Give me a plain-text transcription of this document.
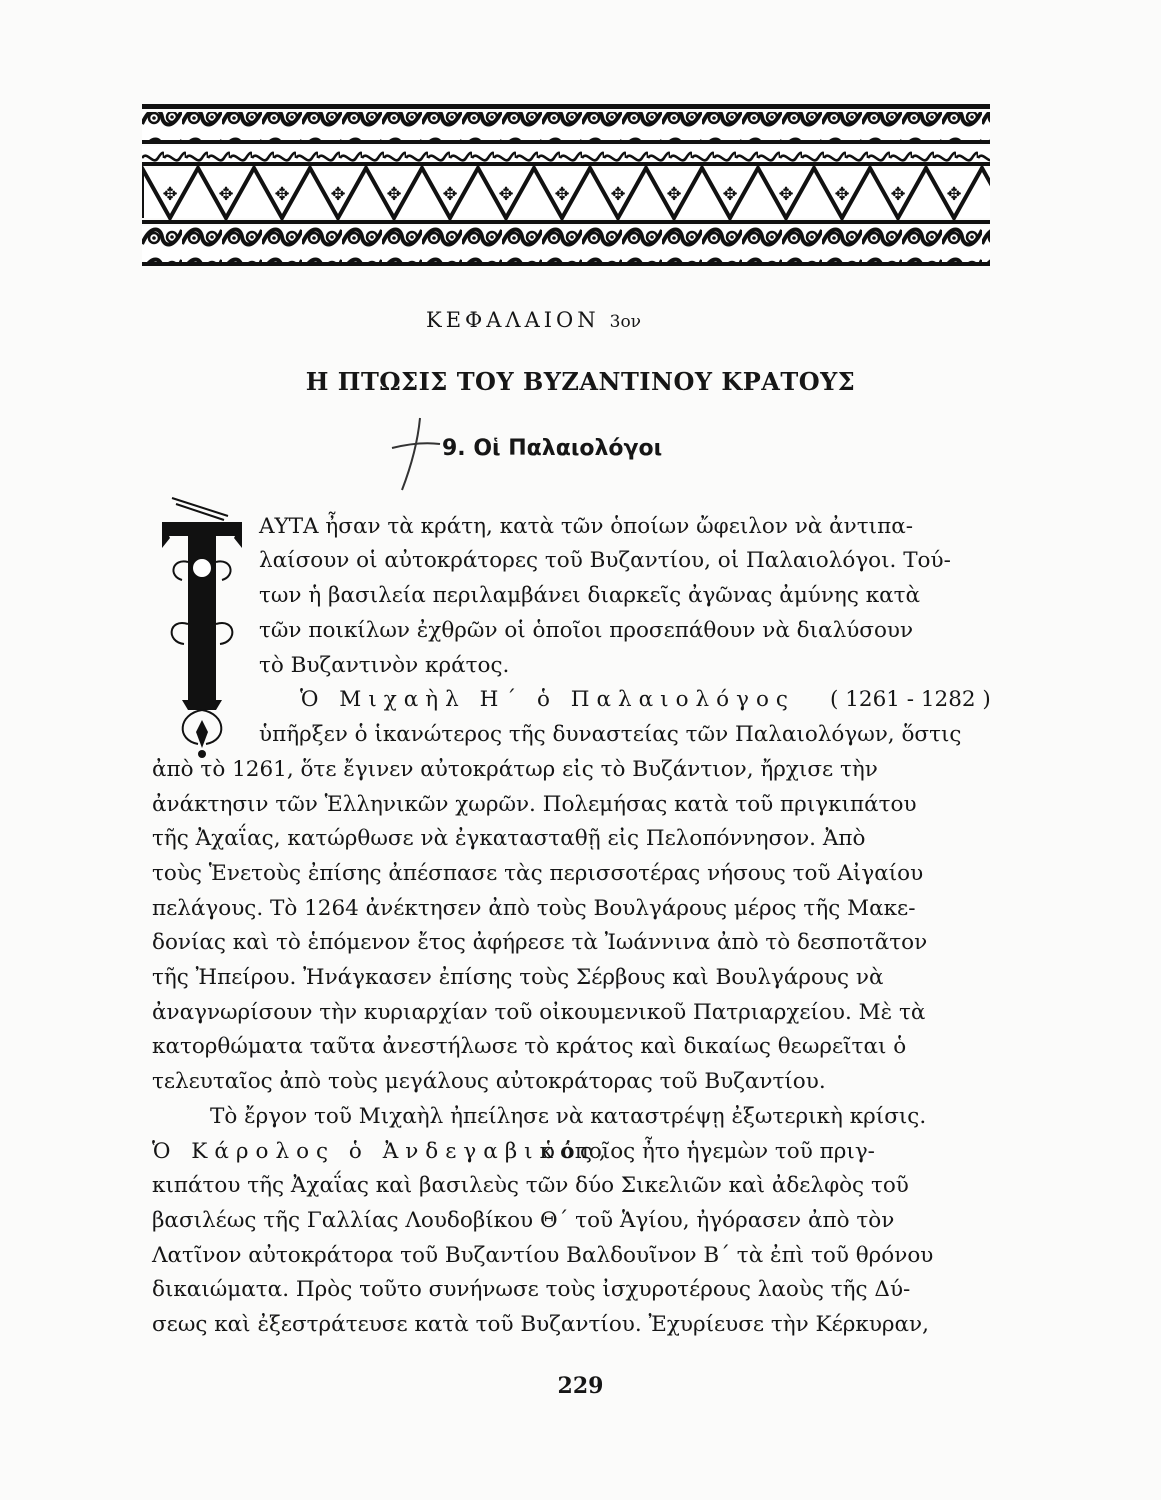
✥ ✥ ✥ ✥ ✥ ✥ ✥ ✥ ✥ ✥ ✥ ✥ ✥ ✥ ✥
ΚΕΦΑΛΑΙΟΝ 3ον
Η ΠΤΩΣΙΣ ΤΟΥ ΒΥΖΑΝΤΙΝΟΥ ΚΡΑΤΟΥΣ
9. Οἱ Παλαιολόγοι
ΑΥΤΑ ἦσαν τὰ κράτη, κατὰ τῶν ὁποίων ὤφειλον νὰ ἀντιπα-
λαίσουν οἱ αὐτοκράτορες τοῦ Βυζαντίου, οἱ Παλαιολόγοι. Τού-
των ἡ βασιλεία περιλαμβάνει διαρκεῖς ἀγῶνας ἀμύνης κατὰ
τῶν ποικίλων ἐχθρῶν οἱ ὁποῖοι προσεπάθουν νὰ διαλύσουν
τὸ Βυζαντινὸν κράτος.
Ὁ Μιχαὴλ Η΄ ὁ Παλαιολόγος ( 1261 - 1282 )
ὑπῆρξεν ὁ ἱκανώτερος τῆς δυναστείας τῶν Παλαιολόγων, ὅστις
ἀπὸ τὸ 1261, ὅτε ἔγινεν αὐτοκράτωρ εἰς τὸ Βυζάντιον, ἤρχισε τὴν
ἀνάκτησιν τῶν Ἑλληνικῶν χωρῶν. Πολεμήσας κατὰ τοῦ πριγκιπάτου
τῆς Ἀχαΐας, κατώρθωσε νὰ ἐγκατασταθῇ εἰς Πελοπόννησον. Ἀπὸ
τοὺς Ἑνετοὺς ἐπίσης ἀπέσπασε τὰς περισσοτέρας νήσους τοῦ Αἰγαίου
πελάγους. Τὸ 1264 ἀνέκτησεν ἀπὸ τοὺς Βουλγάρους μέρος τῆς Μακε-
δονίας καὶ τὸ ἑπόμενον ἔτος ἀφήρεσε τὰ Ἰωάννινα ἀπὸ τὸ δεσποτᾶτον
τῆς Ἠπείρου. Ἠνάγκασεν ἐπίσης τοὺς Σέρβους καὶ Βουλγάρους νὰ
ἀναγνωρίσουν τὴν κυριαρχίαν τοῦ οἰκουμενικοῦ Πατριαρχείου. Μὲ τὰ
κατορθώματα ταῦτα ἀνεστήλωσε τὸ κράτος καὶ δικαίως θεωρεῖται ὁ
τελευταῖος ἀπὸ τοὺς μεγάλους αὐτοκράτορας τοῦ Βυζαντίου.
Τὸ ἔργον τοῦ Μιχαὴλ ἠπείλησε νὰ καταστρέψῃ ἐξωτερικὴ κρίσις.
Ὁ Κάρολος ὁ Ἀνδεγαβικός,
ὁ ὁποῖος ἦτο ἡγεμὼν τοῦ πριγ-
κιπάτου τῆς Ἀχαΐας καὶ βασιλεὺς τῶν δύο Σικελιῶν καὶ ἀδελφὸς τοῦ
βασιλέως τῆς Γαλλίας Λουδοβίκου Θ΄ τοῦ Ἁγίου, ἠγόρασεν ἀπὸ τὸν
Λατῖνον αὐτοκράτορα τοῦ Βυζαντίου Βαλδουῖνον Β΄ τὰ ἐπὶ τοῦ θρόνου
δικαιώματα. Πρὸς τοῦτο συνήνωσε τοὺς ἰσχυροτέρους λαοὺς τῆς Δύ-
σεως καὶ ἐξεστράτευσε κατὰ τοῦ Βυζαντίου. Ἐχυρίευσε τὴν Κέρκυραν,
229
